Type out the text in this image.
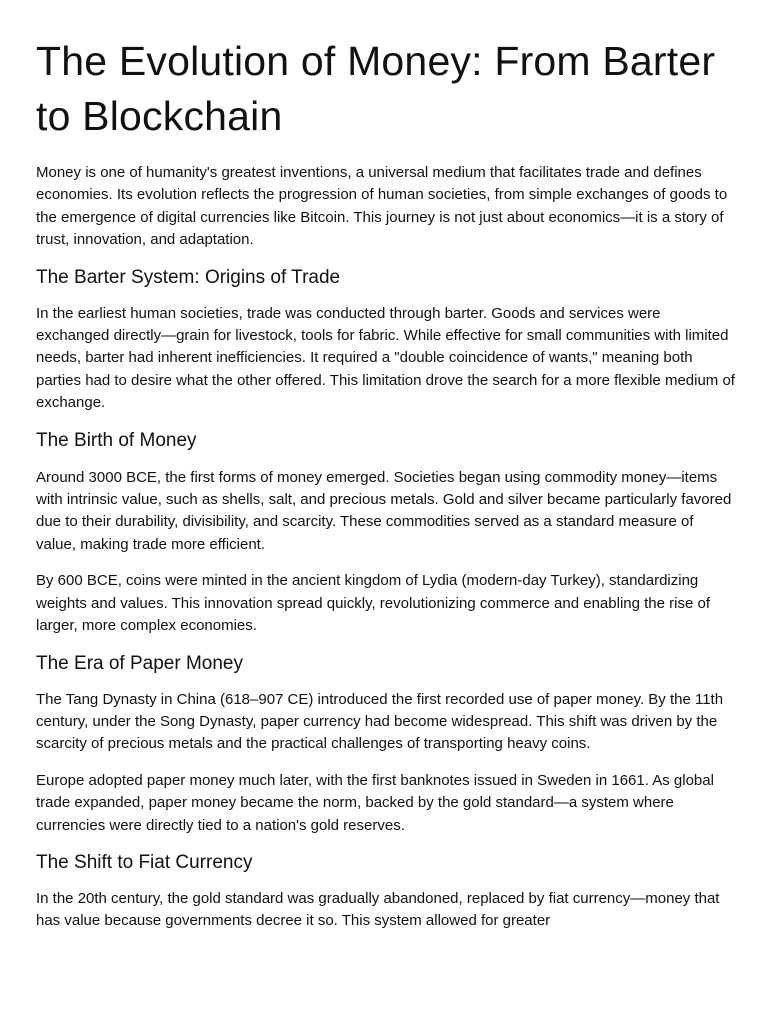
The Evolution of Money: From Barter to Blockchain

Money is one of humanity's greatest inventions, a universal medium that facilitates trade and defines economies. Its evolution reflects the progression of human societies, from simple exchanges of goods to the emergence of digital currencies like Bitcoin. This journey is not just about economics—it is a story of trust, innovation, and adaptation.

The Barter System: Origins of Trade

In the earliest human societies, trade was conducted through barter. Goods and services were exchanged directly—grain for livestock, tools for fabric. While effective for small communities with limited needs, barter had inherent inefficiencies. It required a "double coincidence of wants," meaning both parties had to desire what the other offered. This limitation drove the search for a more flexible medium of exchange.

The Birth of Money

Around 3000 BCE, the first forms of money emerged. Societies began using commodity money—items with intrinsic value, such as shells, salt, and precious metals. Gold and silver became particularly favored due to their durability, divisibility, and scarcity. These commodities served as a standard measure of value, making trade more efficient.

By 600 BCE, coins were minted in the ancient kingdom of Lydia (modern-day Turkey), standardizing weights and values. This innovation spread quickly, revolutionizing commerce and enabling the rise of larger, more complex economies.

The Era of Paper Money

The Tang Dynasty in China (618–907 CE) introduced the first recorded use of paper money. By the 11th century, under the Song Dynasty, paper currency had become widespread. This shift was driven by the scarcity of precious metals and the practical challenges of transporting heavy coins.

Europe adopted paper money much later, with the first banknotes issued in Sweden in 1661. As global trade expanded, paper money became the norm, backed by the gold standard—a system where currencies were directly tied to a nation's gold reserves.

The Shift to Fiat Currency

In the 20th century, the gold standard was gradually abandoned, replaced by fiat currency—money that has value because governments decree it so. This system allowed for greater
